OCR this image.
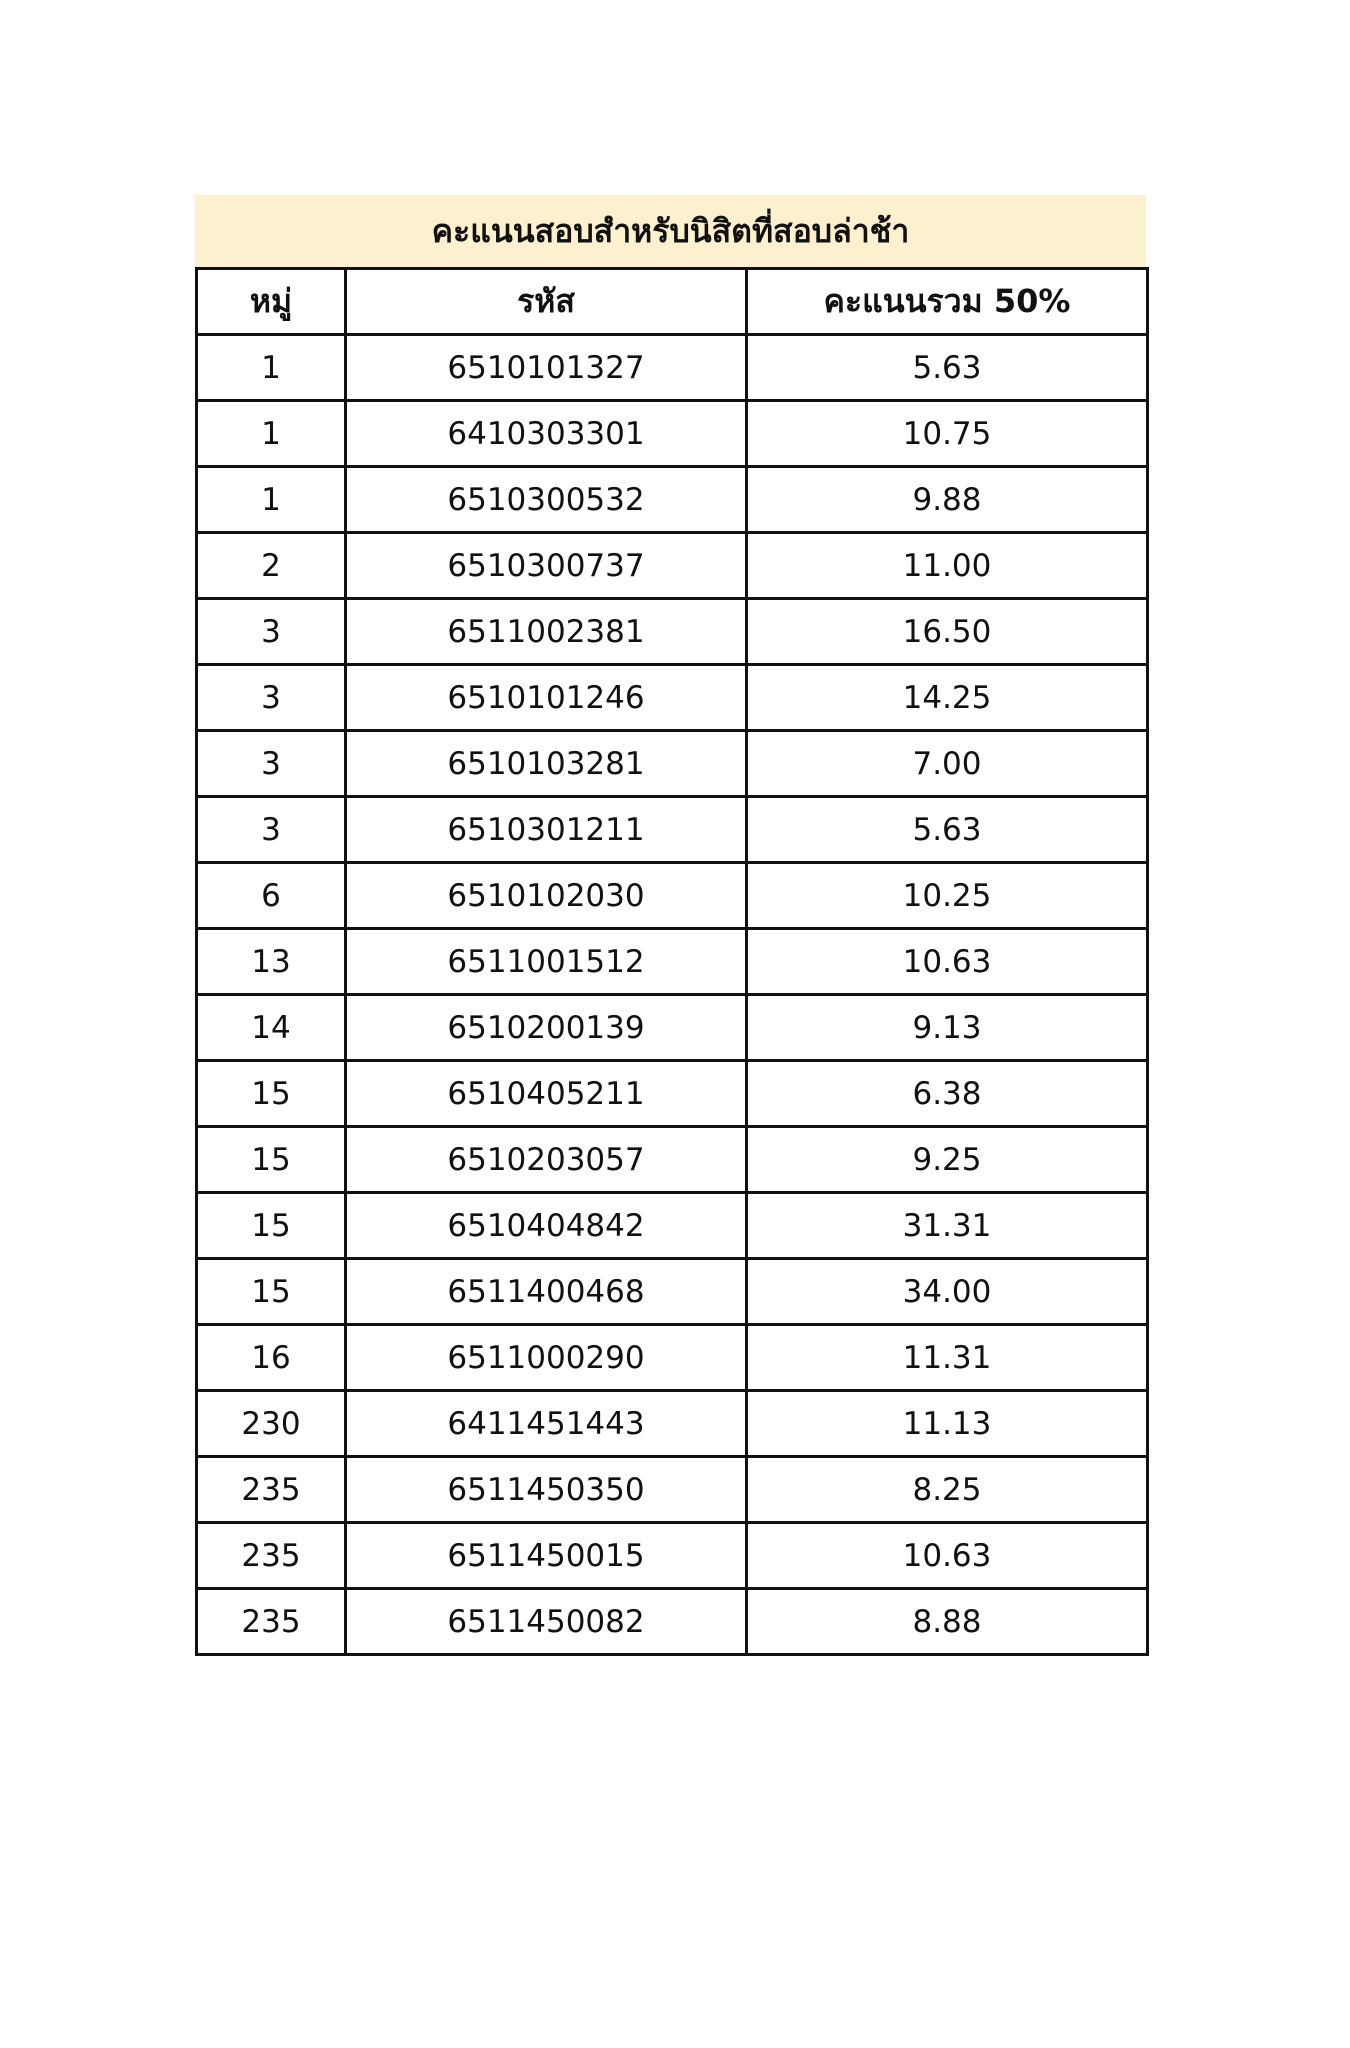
คะแนนสอบสำหรับนิสิตที่สอบล่าช้า
หมู่	รหัส	คะแนนรวม 50%
1	6510101327	5.63
1	6410303301	10.75
1	6510300532	9.88
2	6510300737	11.00
3	6511002381	16.50
3	6510101246	14.25
3	6510103281	7.00
3	6510301211	5.63
6	6510102030	10.25
13	6511001512	10.63
14	6510200139	9.13
15	6510405211	6.38
15	6510203057	9.25
15	6510404842	31.31
15	6511400468	34.00
16	6511000290	11.31
230	6411451443	11.13
235	6511450350	8.25
235	6511450015	10.63
235	6511450082	8.88
